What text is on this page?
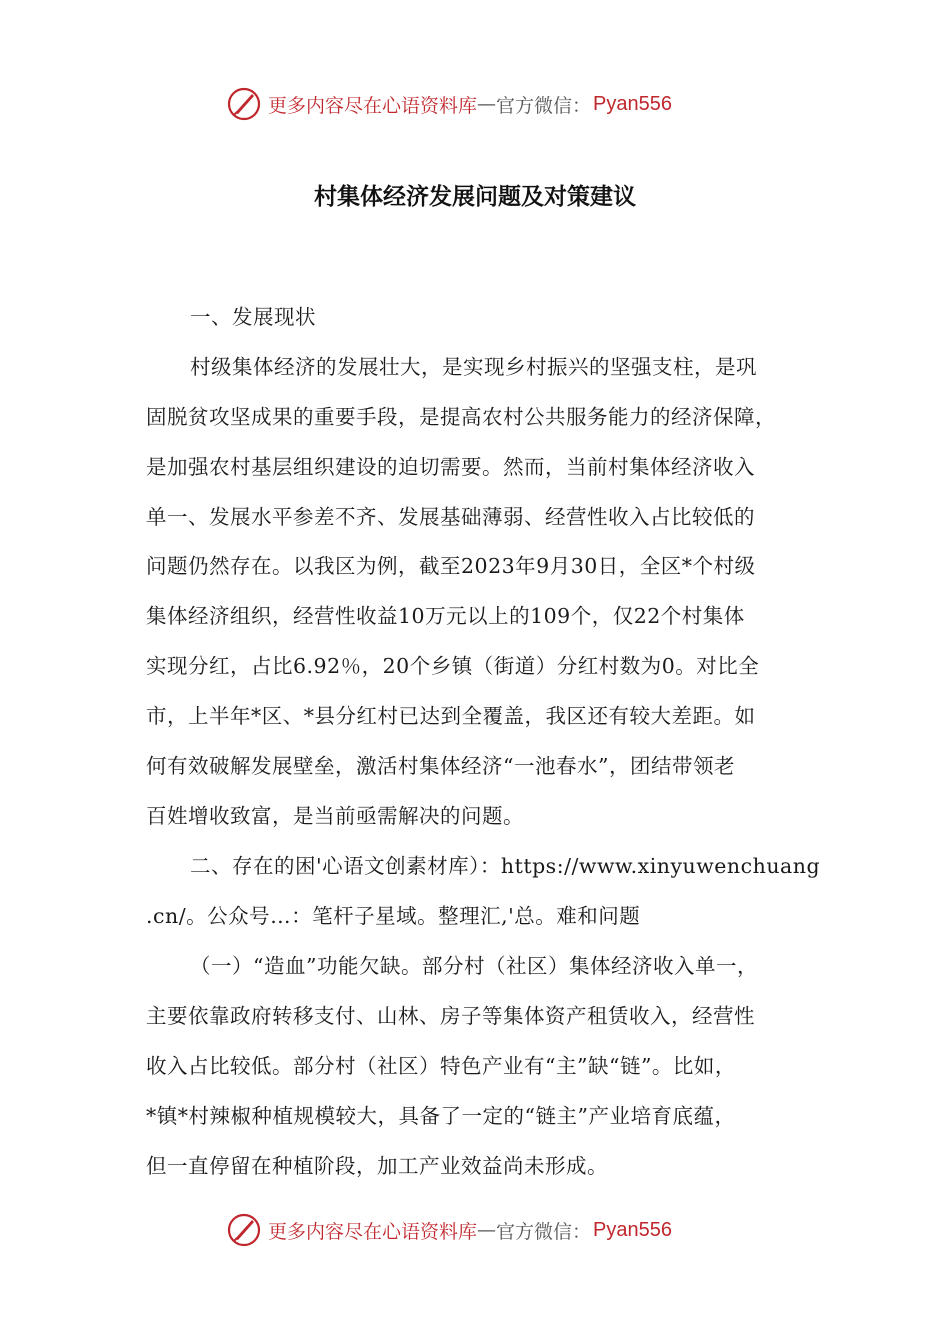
更多内容尽在心语资料库 — 官方微信： Pyan556
村集体经济发展问题及对策建议
一、发展现状
村级集体经济的发展壮大，是实现乡村振兴的坚强支柱，是巩
固脱贫攻坚成果的重要手段，是提高农村公共服务能力的经济保障，
是加强农村基层组织建设的迫切需要。然而，当前村集体经济收入
单一、发展水平参差不齐、发展基础薄弱、经营性收入占比较低的
问题仍然存在。以我区为例，截至2023年9月30日，全区*个村级
集体经济组织，经营性收益10万元以上的109个，仅22个村集体
实现分红，占比6.92％，20个乡镇（街道）分红村数为0。对比全
市，上半年*区、*县分红村已达到全覆盖，我区还有较大差距。如
何有效破解发展壁垒，激活村集体经济“一池春水”，团结带领老
百姓增收致富，是当前亟需解决的问题。
二、存在的困'心语文创素材库）：https://www.xinyuwenchuang
.cn/。公众号…：笔杆子星域。整理汇,'总。难和问题
（一）“造血”功能欠缺。部分村（社区）集体经济收入单一，
主要依靠政府转移支付、山林、房子等集体资产租赁收入，经营性
收入占比较低。部分村（社区）特色产业有“主”缺“链”。比如，
*镇*村辣椒种植规模较大，具备了一定的“链主”产业培育底蕴，
但一直停留在种植阶段，加工产业效益尚未形成。
更多内容尽在心语资料库 — 官方微信： Pyan556
